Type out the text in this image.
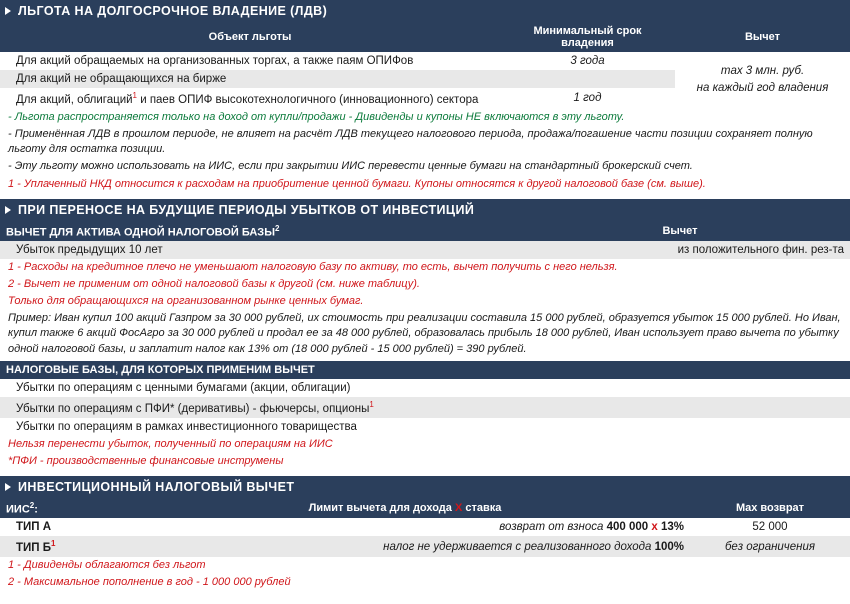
ЛЬГОТА НА ДОЛГОСРОЧНОЕ ВЛАДЕНИЕ (ЛДВ)
Объект льготы	Минимальный срок владения	Вычет
Для акций обращаемых на организованных торгах, а также паям ОПИФов	3 года	max 3 млн. руб.
на каждый год владения
Для акций не обращающихся на бирже		
Для акций, облигаций$^1$ и паев ОПИФ высокотехнологичного (инновационного) сектора	1 год	
- Льгота распространяется только на доход от купли/продажи - Дивиденды и купоны НЕ включаются в эту льготу.
- Применённая ЛДВ в прошлом периоде, не влияет на расчёт ЛДВ текущего налогового периода, продажа/погашение части позиции сохраняет полную льготу для остатка позиции.
- Эту льготу можно использовать на ИИС, если при закрытии ИИС перевести ценные бумаги на стандартный брокерский счет.
1 - Уплаченный НКД относится к расходам на приобритение ценной бумаги. Купоны относятся к другой налоговой базе (см. выше).
ПРИ ПЕРЕНОСЕ НА БУДУЩИЕ ПЕРИОДЫ УБЫТКОВ ОТ ИНВЕСТИЦИЙ
ВЫЧЕТ ДЛЯ АКТИВА ОДНОЙ НАЛОГОВОЙ БАЗЫ$^2$	Вычет
Убыток предыдущих 10 лет	из положительного фин. рез-та
1 - Расходы на кредитное плечо не уменьшают налоговую базу по активу, то есть, вычет получить с него нельзя.
2 - Вычет не применим от одной налоговой базы к другой (см. ниже таблицу).
Только для обращающихся на организованном рынке ценных бумаг.
Пример: Иван купил 100 акций Газпром за 30 000 рублей, их стоимость при реализации составила 15 000 рублей, образуется убыток 15 000 рублей. Но Иван, купил также 6 акций ФосАгро за 30 000 рублей и продал ее за 48 000 рублей, образовалась прибыль 18 000 рублей, Иван использует право вычета по убытку одной налоговой базы, и заплатит налог как 13% от (18 000 рублей - 15 000 рублей) = 390 рублей.
НАЛОГОВЫЕ БАЗЫ, ДЛЯ КОТОРЫХ ПРИМЕНИМ ВЫЧЕТ
Убытки по операциям с ценными бумагами (акции, облигации)
Убытки по операциям с ПФИ* (деривативы) - фьючерсы, опционы$^1$
Убытки по операциям в рамках инвестиционного товарищества
Нельзя перенести убыток, полученный по операциям на ИИС
*ПФИ - производственные финансовые инструмены
ИНВЕСТИЦИОННЫЙ НАЛОГОВЫЙ ВЫЧЕТ
ИИС$^2$:	Лимит вычета для дохода X ставка	Max возврат
ТИП А	возврат от взноса 400 000 х 13%	52 000
ТИП $Б^1$	налог не удерживается с реализованного дохода 100%	без ограничения
1 - Дивиденды облагаются без льгот
2 - Максимальное пополнение в год - 1 000 000 рублей
